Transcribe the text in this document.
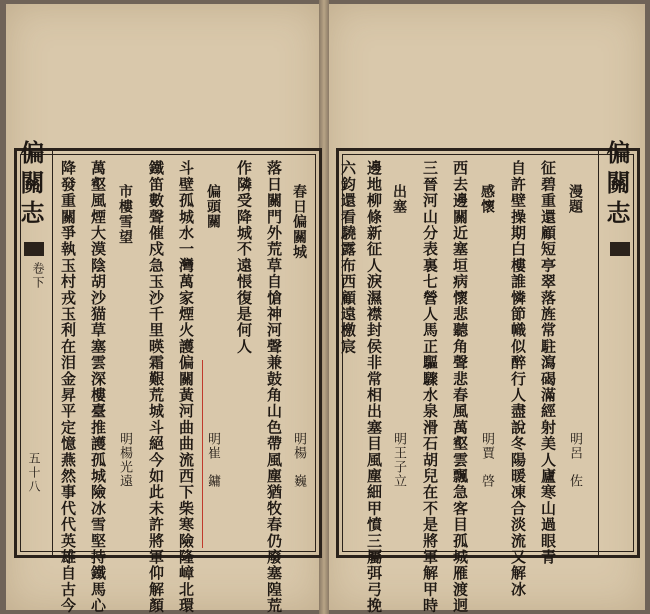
偏關志
卷下
五十八
春日偏關城
明楊　巍
落日關門外荒草自愴神河聲兼鼓角山色帶風塵猶牧春仍廢塞隍荒
作隣受降城不遠悵復是何人
偏頭關
明崔　鏞
斗壁孤城水一灣萬家煙火護偏關黃河曲曲流西下柴寒險隆嶂北環
鐵笛數聲催戍急玉沙千里暎霜艱荒城斗絕今如此未許將軍仰解顏
市樓雪望
明楊光遠
萬壑風煙大漠陰胡沙猫草塞雲深樓臺推護孤城險冰雪堅持鐵馬心
降發重關爭執玉村戎玉利在泪金昇平定憶燕然事代代英雄自古今	偏關志
漫題
明呂　佐
征碧重還顧短亭翠落旌常駐瀉碣滿經射美人廬寒山過眼青
自許壁操期白樓誰憐節幟似醉行人盡說冬陽暖凍合淡流又解冰
感懷
明賈　啓
西去邊關近塞垣病懷悲聽角聲悲春風萬壑雲飄急客目孤城雁渡迥
三晉河山分表裏七營人馬正驅驟水泉滑石胡兒在不是將軍解甲時
出塞
明王子立
邊地柳條新征人淚濕襟封侯非常相出塞目風塵細甲憤三屬弭弓挽
六鈞還看驍露布西顧遠檄宸
